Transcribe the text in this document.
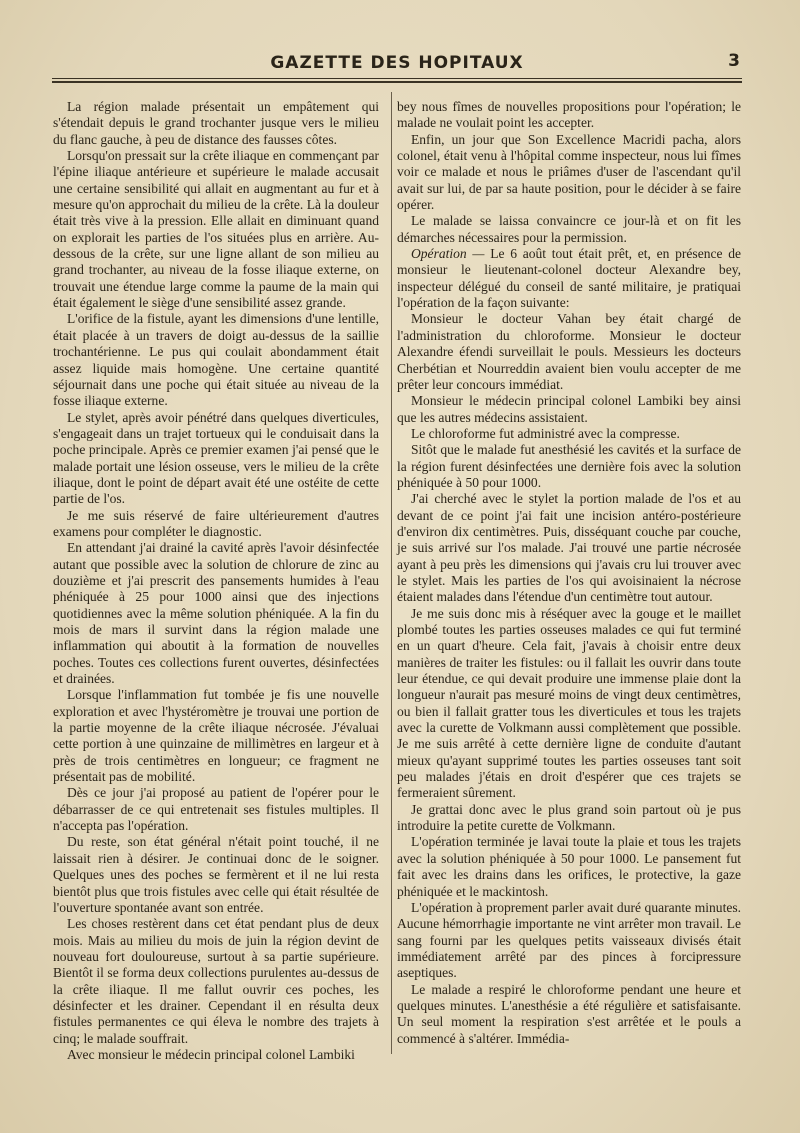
GAZETTE DES HOPITAUX	3

La région malade présentait un empâtement qui s'étendait depuis le grand trochanter jusque vers le milieu du flanc gauche, à peu de distance des fausses côtes.

Lorsqu'on pressait sur la crête iliaque en commençant par l'épine iliaque antérieure et supérieure le malade accusait une certaine sensibilité qui allait en augmentant au fur et à mesure qu'on approchait du milieu de la crête. Là la douleur était très vive à la pression. Elle allait en diminuant quand on explorait les parties de l'os situées plus en arrière. Au-dessous de la crête, sur une ligne allant de son milieu au grand trochanter, au niveau de la fosse iliaque externe, on trouvait une étendue large comme la paume de la main qui était également le siège d'une sensibilité assez grande.

L'orifice de la fistule, ayant les dimensions d'une lentille, était placée à un travers de doigt au-dessus de la saillie trochantérienne. Le pus qui coulait abondamment était assez liquide mais homogène. Une certaine quantité séjournait dans une poche qui était située au niveau de la fosse iliaque externe.

Le stylet, après avoir pénétré dans quelques diverticules, s'engageait dans un trajet tortueux qui le conduisait dans la poche principale. Après ce premier examen j'ai pensé que le malade portait une lésion osseuse, vers le milieu de la crête iliaque, dont le point de départ avait été une ostéite de cette partie de l'os.

Je me suis réservé de faire ultérieurement d'autres examens pour compléter le diagnostic.

En attendant j'ai drainé la cavité après l'avoir désinfectée autant que possible avec la solution de chlorure de zinc au douzième et j'ai prescrit des pansements humides à l'eau phéniquée à 25 pour 1000 ainsi que des injections quotidiennes avec la même solution phéniquée. A la fin du mois de mars il survint dans la région malade une inflammation qui aboutit à la formation de nouvelles poches. Toutes ces collections furent ouvertes, désinfectées et drainées.

Lorsque l'inflammation fut tombée je fis une nouvelle exploration et avec l'hystéromètre je trouvai une portion de la partie moyenne de la crête iliaque nécrosée. J'évaluai cette portion à une quinzaine de millimètres en largeur et à près de trois centimètres en longueur; ce fragment ne présentait pas de mobilité.

Dès ce jour j'ai proposé au patient de l'opérer pour le débarrasser de ce qui entretenait ses fistules multiples. Il n'accepta pas l'opération.

Du reste, son état général n'était point touché, il ne laissait rien à désirer. Je continuai donc de le soigner. Quelques unes des poches se fermèrent et il ne lui resta bientôt plus que trois fistules avec celle qui était résultée de l'ouverture spontanée avant son entrée.

Les choses restèrent dans cet état pendant plus de deux mois. Mais au milieu du mois de juin la région devint de nouveau fort douloureuse, surtout à sa partie supérieure. Bientôt il se forma deux collections purulentes au-dessus de la crête iliaque. Il me fallut ouvrir ces poches, les désinfecter et les drainer. Cependant il en résulta deux fistules permanentes ce qui éleva le nombre des trajets à cinq; le malade souffrait.

Avec monsieur le médecin principal colonel Lambiki

bey nous fîmes de nouvelles propositions pour l'opération; le malade ne voulait point les accepter.

Enfin, un jour que Son Excellence Macridi pacha, alors colonel, était venu à l'hôpital comme inspecteur, nous lui fîmes voir ce malade et nous le priâmes d'user de l'ascendant qu'il avait sur lui, de par sa haute position, pour le décider à se faire opérer.

Le malade se laissa convaincre ce jour-là et on fit les démarches nécessaires pour la permission.

Opération — Le 6 août tout était prêt, et, en présence de monsieur le lieutenant-colonel docteur Alexandre bey, inspecteur délégué du conseil de santé militaire, je pratiquai l'opération de la façon suivante:

Monsieur le docteur Vahan bey était chargé de l'administration du chloroforme. Monsieur le docteur Alexandre éfendi surveillait le pouls. Messieurs les docteurs Cherbétian et Nourreddin avaient bien voulu accepter de me prêter leur concours immédiat.

Monsieur le médecin principal colonel Lambiki bey ainsi que les autres médecins assistaient.

Le chloroforme fut administré avec la compresse.

Sitôt que le malade fut anesthésié les cavités et la surface de la région furent désinfectées une dernière fois avec la solution phéniquée à 50 pour 1000.

J'ai cherché avec le stylet la portion malade de l'os et au devant de ce point j'ai fait une incision antéro-postérieure d'environ dix centimètres. Puis, disséquant couche par couche, je suis arrivé sur l'os malade. J'ai trouvé une partie nécrosée ayant à peu près les dimensions qui j'avais cru lui trouver avec le stylet. Mais les parties de l'os qui avoisinaient la nécrose étaient malades dans l'étendue d'un centimètre tout autour.

Je me suis donc mis à réséquer avec la gouge et le maillet plombé toutes les parties osseuses malades ce qui fut terminé en un quart d'heure. Cela fait, j'avais à choisir entre deux manières de traiter les fistules: ou il fallait les ouvrir dans toute leur étendue, ce qui devait produire une immense plaie dont la longueur n'aurait pas mesuré moins de vingt deux centimètres, ou bien il fallait gratter tous les diverticules et tous les trajets avec la curette de Volkmann aussi complètement que possible. Je me suis arrêté à cette dernière ligne de conduite d'autant mieux qu'ayant supprimé toutes les parties osseuses tant soit peu malades j'étais en droit d'espérer que ces trajets se fermeraient sûrement.

Je grattai donc avec le plus grand soin partout où je pus introduire la petite curette de Volkmann.

L'opération terminée je lavai toute la plaie et tous les trajets avec la solution phéniquée à 50 pour 1000. Le pansement fut fait avec les drains dans les orifices, le protective, la gaze phéniquée et le mackintosh.

L'opération à proprement parler avait duré quarante minutes. Aucune hémorrhagie importante ne vint arrêter mon travail. Le sang fourni par les quelques petits vaisseaux divisés était immédiatement arrêté par des pinces à forcipressure aseptiques.

Le malade a respiré le chloroforme pendant une heure et quelques minutes. L'anesthésie a été régulière et satisfaisante. Un seul moment la respiration s'est arrêtée et le pouls a commencé à s'altérer. Immédia-
